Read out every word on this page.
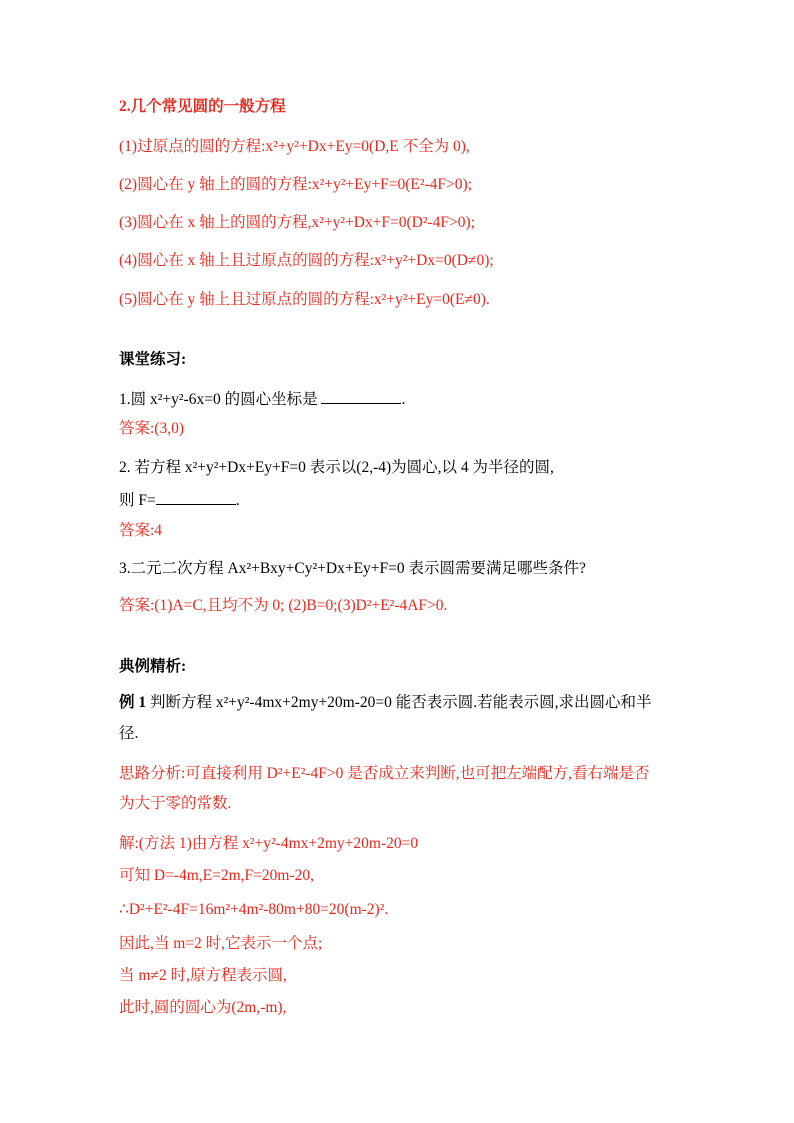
2.几个常见圆的一般方程
(1)过原点的圆的方程:x²+y²+Dx+Ey=0(D,E 不全为 0),
(2)圆心在 y 轴上的圆的方程:x²+y²+Ey+F=0(E²-4F>0);
(3)圆心在 x 轴上的圆的方程,x²+y²+Dx+F=0(D²-4F>0);
(4)圆心在 x 轴上且过原点的圆的方程:x²+y²+Dx=0(D≠0);
(5)圆心在 y 轴上且过原点的圆的方程:x²+y²+Ey=0(E≠0).
课堂练习:
1.圆 x²+y²-6x=0 的圆心坐标是	.
答案:(3,0)
2. 若方程 x²+y²+Dx+Ey+F=0 表示以(2,-4)为圆心,以 4 为半径的圆,
则 F=	.
答案:4
3.二元二次方程 Ax²+Bxy+Cy²+Dx+Ey+F=0 表示圆需要满足哪些条件?
答案:(1)A=C,且均不为 0; (2)B=0;(3)D²+E²-4AF>0.
典例精析:
例 1 判断方程 x²+y²-4mx+2my+20m-20=0 能否表示圆.若能表示圆,求出圆心和半
径.
思路分析:可直接利用 D²+E²-4F>0 是否成立来判断,也可把左端配方,看右端是否
为大于零的常数.
解:(方法 1)由方程 x²+y²-4mx+2my+20m-20=0
可知 D=-4m,E=2m,F=20m-20,
∴D²+E²-4F=16m²+4m²-80m+80=20(m-2)².
因此,当 m=2 时,它表示一个点;
当 m≠2 时,原方程表示圆,
此时,圆的圆心为(2m,-m),
